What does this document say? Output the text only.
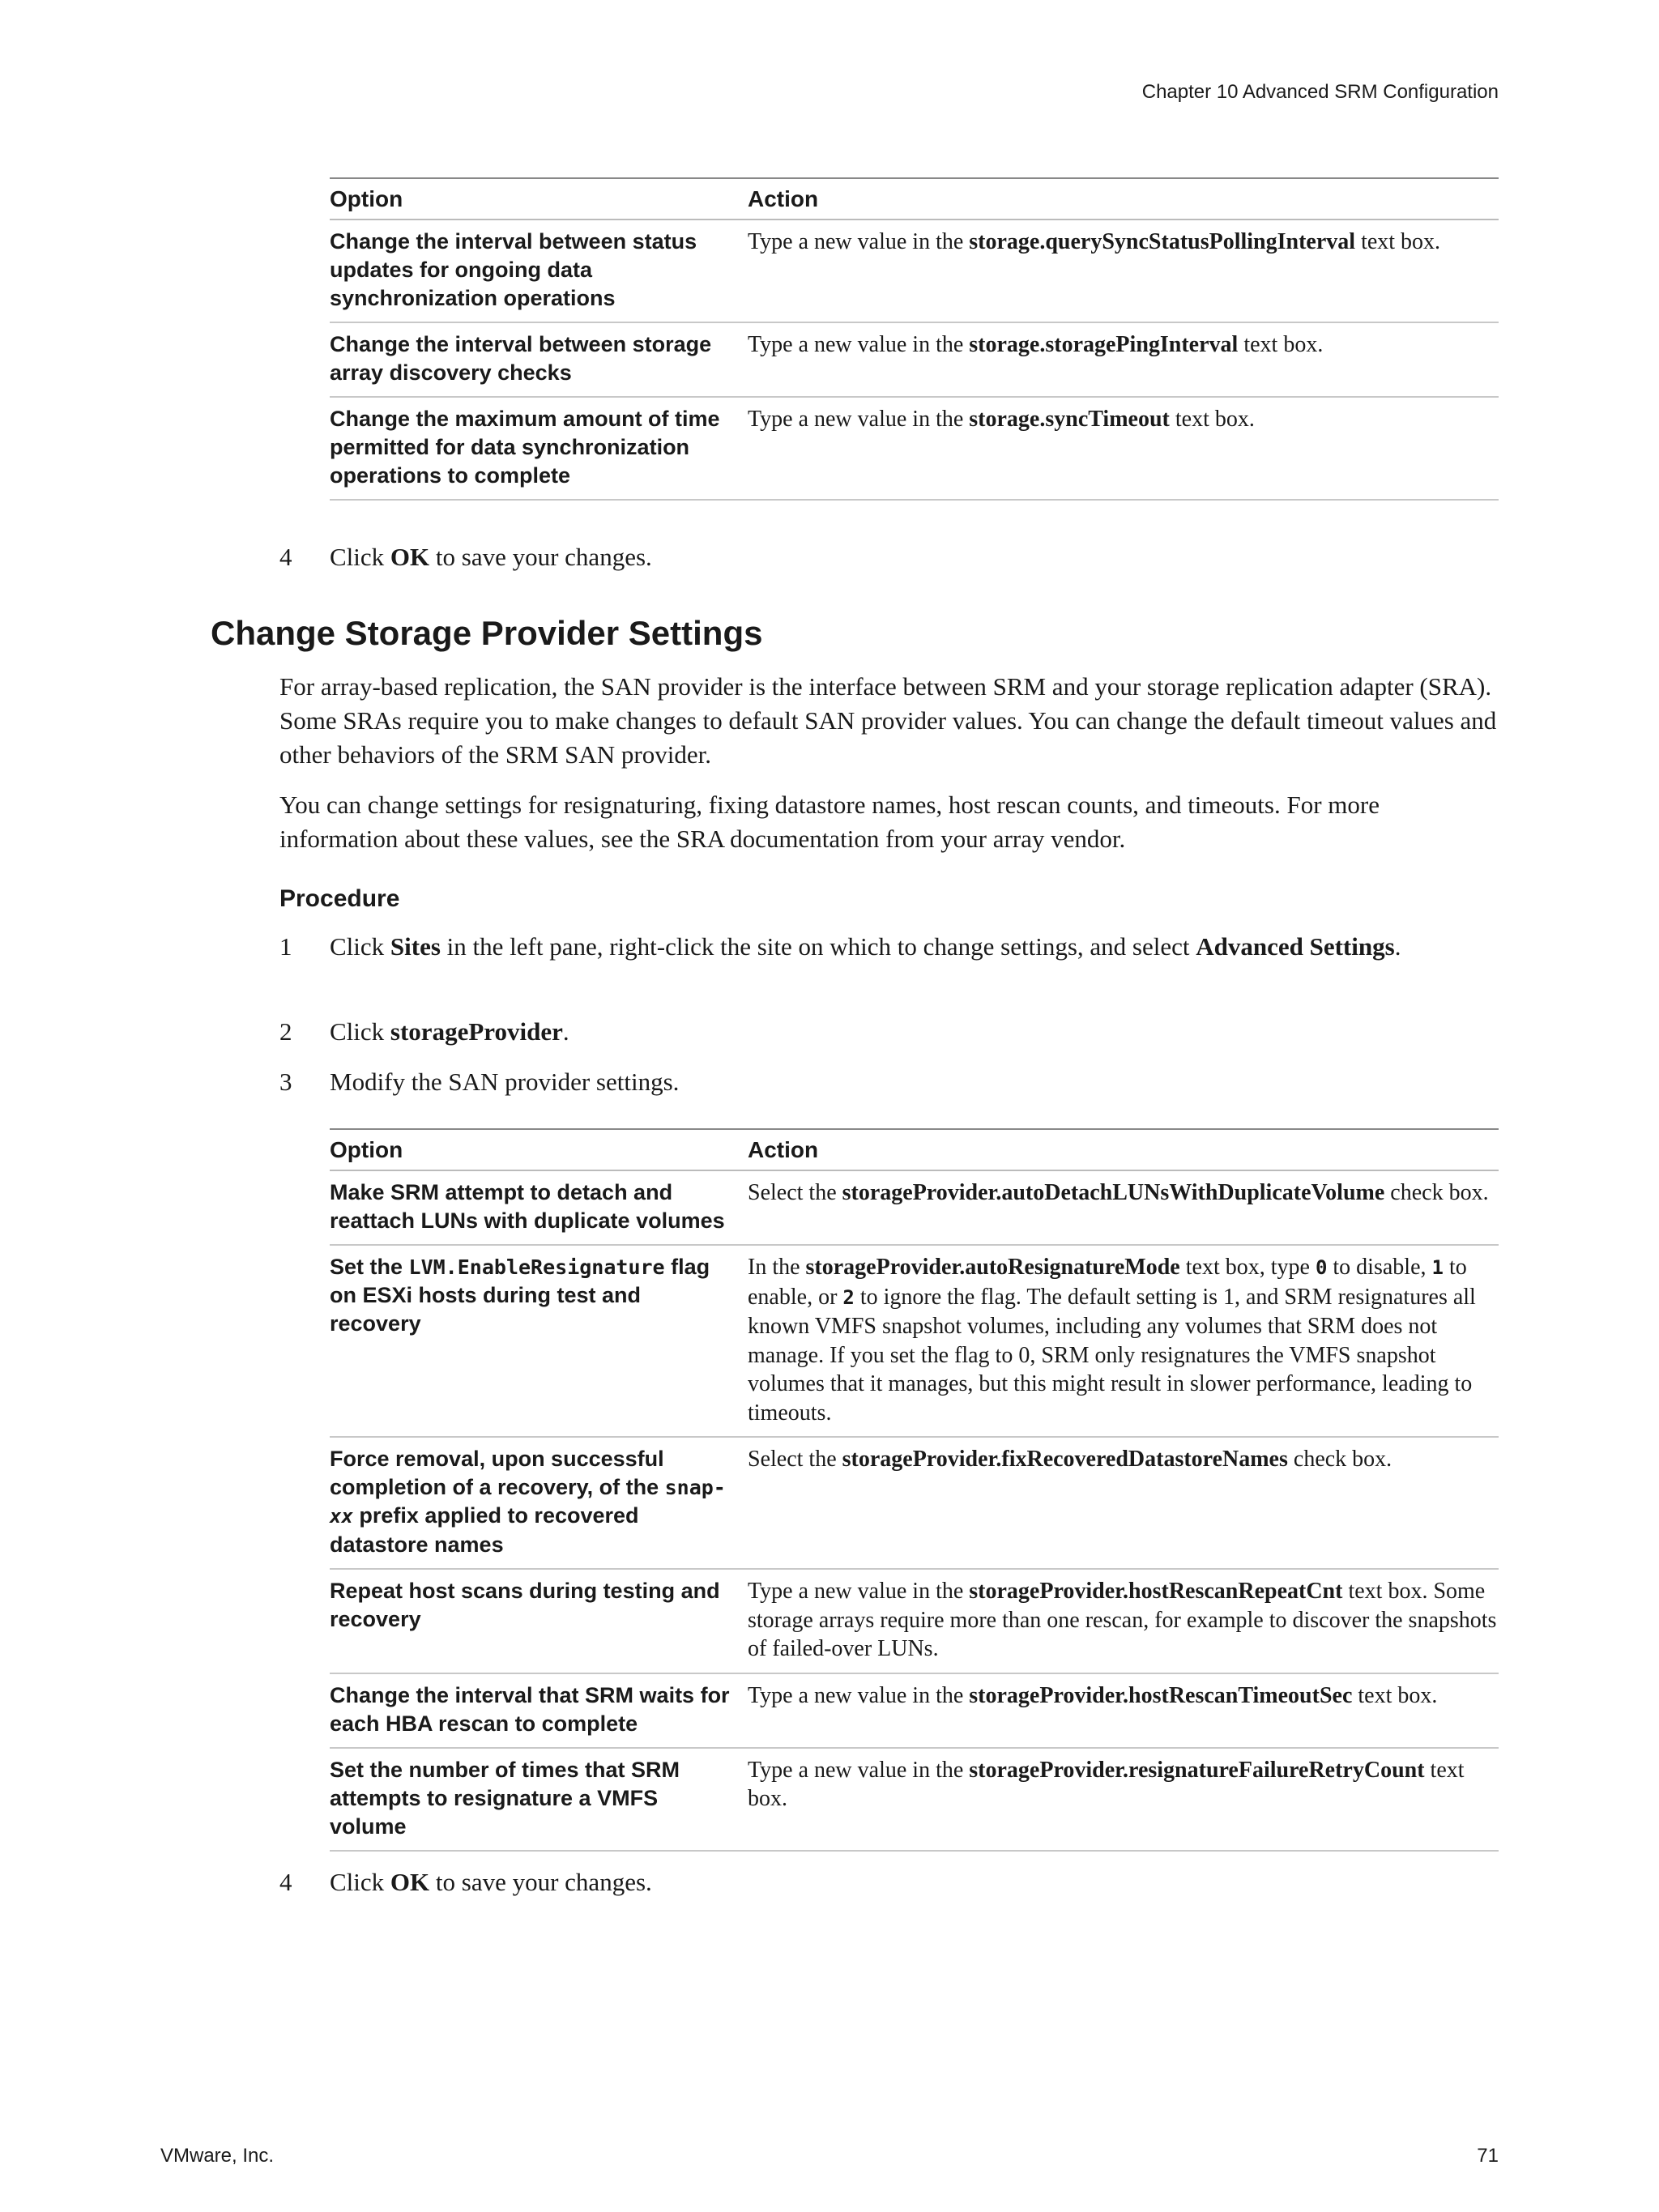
Chapter 10 Advanced SRM Configuration
Option	Action
Change the interval between status updates for ongoing data synchronization operations	Type a new value in the storage.querySyncStatusPollingInterval text box.
Change the interval between storage array discovery checks	Type a new value in the storage.storagePingInterval text box.
Change the maximum amount of time permitted for data synchronization operations to complete	Type a new value in the storage.syncTimeout text box.
4 Click OK to save your changes.
Change Storage Provider Settings

For array-based replication, the SAN provider is the interface between SRM and your storage replication adapter (SRA). Some SRAs require you to make changes to default SAN provider values. You can change the default timeout values and other behaviors of the SRM SAN provider.

You can change settings for resignaturing, fixing datastore names, host rescan counts, and timeouts. For more information about these values, see the SRA documentation from your array vendor.

Procedure
1 Click Sites in the left pane, right-click the site on which to change settings, and select Advanced Settings.
2 Click storageProvider.
3 Modify the SAN provider settings.
Option	Action
Make SRM attempt to detach and reattach LUNs with duplicate volumes	Select the storageProvider.autoDetachLUNsWithDuplicateVolume check box.
Set the LVM.EnableResignature flag on ESXi hosts during test and recovery	In the storageProvider.autoResignatureMode text box, type 0 to disable, 1 to enable, or 2 to ignore the flag. The default setting is 1, and SRM resignatures all known VMFS snapshot volumes, including any volumes that SRM does not manage. If you set the flag to 0, SRM only resignatures the VMFS snapshot volumes that it manages, but this might result in slower performance, leading to timeouts.
Force removal, upon successful completion of a recovery, of the snap-xx prefix applied to recovered datastore names	Select the storageProvider.fixRecoveredDatastoreNames check box.
Repeat host scans during testing and recovery	Type a new value in the storageProvider.hostRescanRepeatCnt text box. Some storage arrays require more than one rescan, for example to discover the snapshots of failed-over LUNs.
Change the interval that SRM waits for each HBA rescan to complete	Type a new value in the storageProvider.hostRescanTimeoutSec text box.
Set the number of times that SRM attempts to resignature a VMFS volume	Type a new value in the storageProvider.resignatureFailureRetryCount text box.
4 Click OK to save your changes.
VMware, Inc.	71
